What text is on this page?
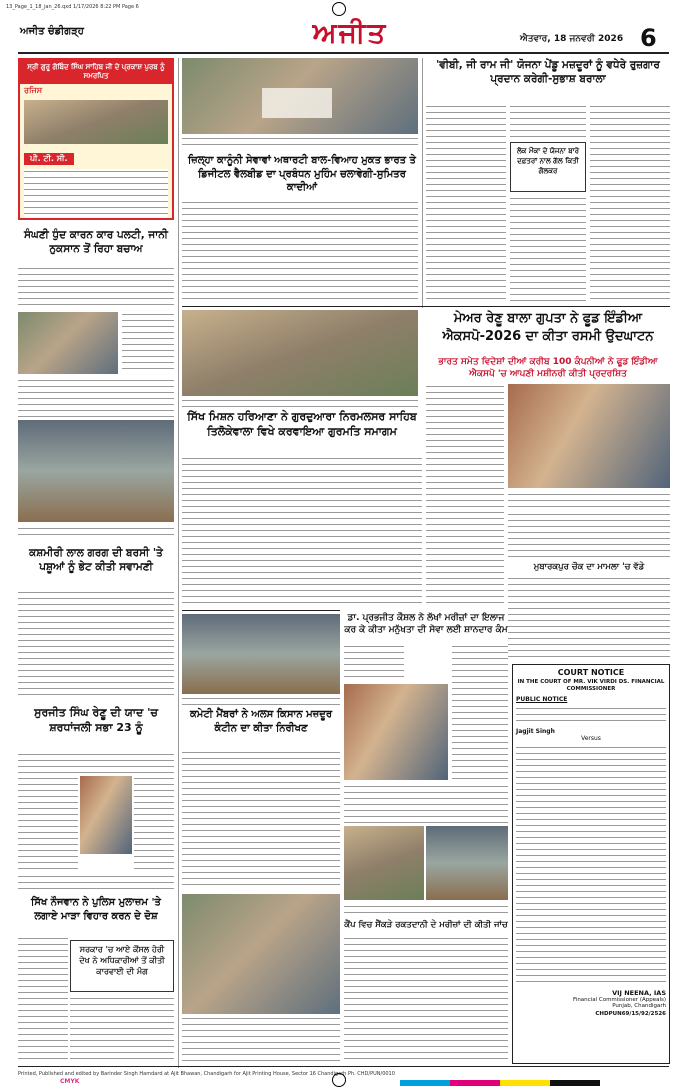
13_Page_1_18_jan_26.qxd 1/17/2026 8:22 PM Page 6
ਅਜੀਤ ਚੰਡੀਗੜ੍ਹ	ਅਜੀਤ	ਐਤਵਾਰ, 18 ਜਨਵਰੀ 2026 6
ਸ੍ਰੀ ਗੁਰੂ ਗੋਬਿੰਦ ਸਿੰਘ ਸਾਹਿਬ ਜੀ ਦੇ ਪ੍ਰਕਾਸ਼ ਪੁਰਬ ਨੂੰ ਸਮਰਪਿਤ
ਰਜਿਸ
ਪੀ. ਟੀ. ਸੀ.
ਸੰਘਣੀ ਧੁੰਦ ਕਾਰਨ ਕਾਰ ਪਲਟੀ, ਜਾਨੀ ਨੁਕਸਾਨ ਤੋਂ ਰਿਹਾ ਬਚਾਅ
ਕਸ਼ਮੀਰੀ ਲਾਲ ਗਰਗ ਦੀ ਬਰਸੀ 'ਤੇ ਪਸ਼ੂਆਂ ਨੂੰ ਭੇਟ ਕੀਤੀ ਸਵਾਮਣੀ
ਸੁਰਜੀਤ ਸਿੰਘ ਰੇਣੂ ਦੀ ਯਾਦ 'ਚ ਸ਼ਰਧਾਂਜਲੀ ਸਭਾ 23 ਨੂੰ
ਸਿੱਖ ਨੌਜਵਾਨ ਨੇ ਪੁਲਿਸ ਮੁਲਾਜ਼ਮ 'ਤੇ ਲਗਾਏ ਮਾੜਾ ਵਿਹਾਰ ਕਰਨ ਦੇ ਦੋਸ਼
ਸਰਕਾਰ 'ਚ ਆਏ ਕੌਂਸਲ ਹੋਰੀ ਦੇਖ ਨੇ ਅਧਿਕਾਰੀਆਂ ਤੋਂ ਕੀਤੀ ਕਾਰਵਾਈ ਦੀ ਮੰਗ
ਜ਼ਿਲ੍ਹਾ ਕਾਨੂੰਨੀ ਸੇਵਾਵਾਂ ਅਥਾਰਟੀ ਬਾਲ-ਵਿਆਹ ਮੁਕਤ ਭਾਰਤ ਤੇ ਡਿਜੀਟਲ ਵੈਲਬੀਡ ਦਾ ਪ੍ਰਬੰਧਨ ਮੁਹਿੰਮ ਚਲਾਵੇਗੀ-ਸੁਮਿਤਰ ਕਾਦੀਆਂ
'ਵੀਬੀ, ਜੀ ਰਾਮ ਜੀ' ਯੋਜਨਾ ਪੇਂਡੂ ਮਜ਼ਦੂਰਾਂ ਨੂੰ ਵਧੇਰੇ ਰੁਜ਼ਗਾਰ ਪ੍ਰਦਾਨ ਕਰੇਗੀ-ਸੁਭਾਸ਼ ਬਰਾਲਾ
ਲੋਕ ਮੌਕਾ ਦੇ ਯੋਜਨਾ ਬਾਰੇ ਦਫ਼ਤਰਾਂ ਨਾਲ ਗੱਲ ਕਿਤੀ ਗੋਲਕਰ
ਮੇਅਰ ਰੇਣੂ ਬਾਲਾ ਗੁਪਤਾ ਨੇ ਫੂਡ ਇੰਡੀਆ ਐਕਸਪੋ-2026 ਦਾ ਕੀਤਾ ਰਸਮੀ ਉਦਘਾਟਨ
ਭਾਰਤ ਸਮੇਤ ਵਿਦੇਸ਼ਾਂ ਦੀਆਂ ਕਰੀਬ 100 ਕੰਪਨੀਆਂ ਨੇ ਫੂਡ ਇੰਡੀਆ ਐਕਸਪੋ 'ਚ ਆਪਣੀ ਮਸ਼ੀਨਰੀ ਕੀਤੀ ਪ੍ਰਦਰਸ਼ਿਤ
ਮੁਬਾਰਕਪੁਰ ਚੌਕ ਦਾ ਮਾਮਲਾ 'ਚ ਵੱਡੇ
ਸਿੱਖ ਮਿਸ਼ਨ ਹਰਿਆਣਾ ਨੇ ਗੁਰਦੁਆਰਾ ਨਿਰਮਲਸਰ ਸਾਹਿਬ ਤਿਲੋਕੇਵਾਲਾ ਵਿਖੇ ਕਰਵਾਇਆ ਗੁਰਮਤਿ ਸਮਾਗਮ
ਕਮੇਟੀ ਮੈਂਬਰਾਂ ਨੇ ਅਲਸ ਕਿਸਾਨ ਮਜ਼ਦੂਰ ਕੰਟੀਨ ਦਾ ਕੀਤਾ ਨਿਰੀਖਣ
ਡਾ. ਪ੍ਰਭਜੀਤ ਕੌਸ਼ਲ ਨੇ ਲੱਖਾਂ ਮਰੀਜ਼ਾਂ ਦਾ ਇਲਾਜ ਕਰ ਕੇ ਕੀਤਾ ਮਨੁੱਖਤਾ ਦੀ ਸੇਵਾ ਲਈ ਸ਼ਾਨਦਾਰ ਕੰਮ
ਕੈਂਪ ਵਿਚ ਸੈਂਕੜੇ ਰਕਤਦਾਨੀ ਦੇ ਮਰੀਜ਼ਾਂ ਦੀ ਕੀਤੀ ਜਾਂਚ
COURT NOTICE
IN THE COURT OF MR. VIK VIRDI DS. FINANCIAL COMMISSIONER
PUBLIC NOTICE
Jagjit Singh
Versus
VIJ NEENA, IAS
Financial Commissioner (Appeals)
Punjab, Chandigarh
CHDPUN69/15/92/2526
Printed, Published and edited by Barinder Singh Hamdard at Ajit Bhawan, Chandigarh for Ajit Printing House, Sector 16 Chandigarh Ph. CHD/PUN/0010
CMYK
